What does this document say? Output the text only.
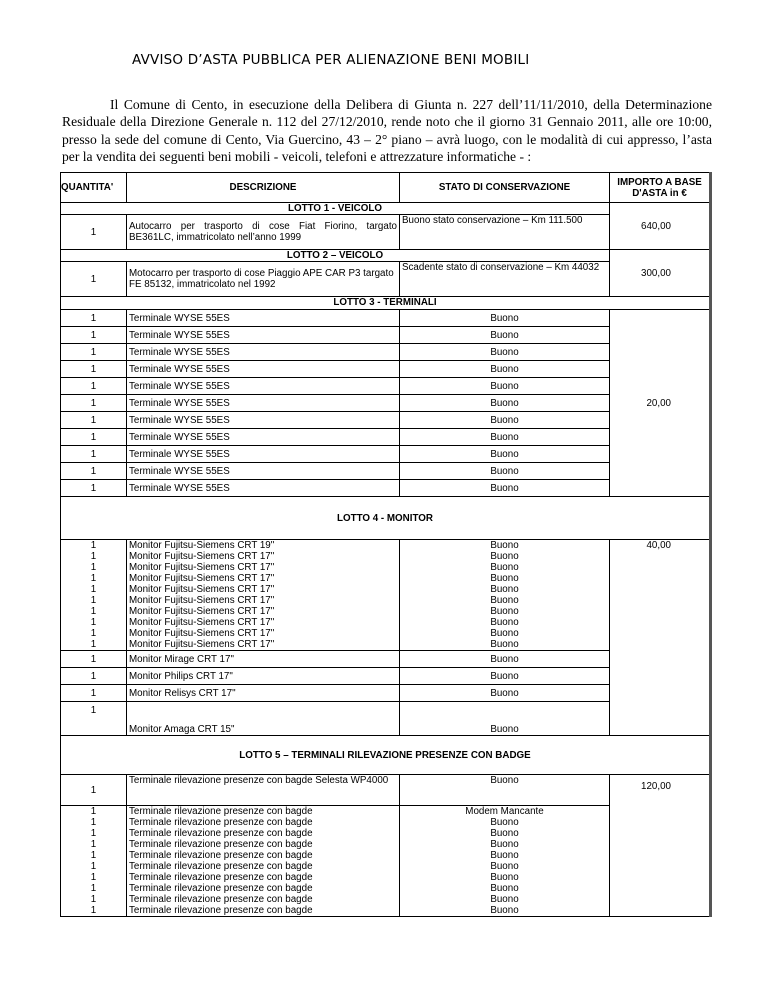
AVVISO D’ASTA PUBBLICA PER ALIENAZIONE BENI MOBILI
Il Comune di Cento, in esecuzione della Delibera di Giunta n. 227 dell’11/11/2010, della Determinazione Residuale della Direzione Generale n. 112 del 27/12/2010, rende noto che il giorno 31 Gennaio 2011, alle ore 10:00, presso la sede del comune di Cento, Via Guercino, 43 – 2° piano – avrà luogo, con le modalità di cui appresso, l’asta per la vendita dei seguenti beni mobili - veicoli, telefoni e attrezzature informatiche - :
QUANTITA'	DESCRIZIONE	STATO DI CONSERVAZIONE	IMPORTO A BASE D'ASTA in €
LOTTO 1 - VEICOLO			640,00
1	Autocarro per trasporto di cose Fiat Fiorino, targato BE361LC, immatricolato nell’anno 1999	Buono stato conservazione – Km 111.500	
LOTTO 2 – VEICOLO			300,00
1	Motocarro per trasporto di cose Piaggio APE CAR P3 targato FE 85132, immatricolato nel 1992	Scadente stato di conservazione – Km 44032	
LOTTO 3 - TERMINALI			
1	Terminale WYSE 55ES	Buono	20,00
1	Terminale WYSE 55ES	Buono	
1	Terminale WYSE 55ES	Buono	
1	Terminale WYSE 55ES	Buono	
1	Terminale WYSE 55ES	Buono	
1	Terminale WYSE 55ES	Buono	
1	Terminale WYSE 55ES	Buono	
1	Terminale WYSE 55ES	Buono	
1	Terminale WYSE 55ES	Buono	
1	Terminale WYSE 55ES	Buono	
1	Terminale WYSE 55ES	Buono	
LOTTO 4 - MONITOR			
1	Monitor Fujitsu-Siemens CRT 19"	Buono	40,00
1	Monitor Fujitsu-Siemens CRT 17"	Buono	
1	Monitor Fujitsu-Siemens CRT 17"	Buono	
1	Monitor Fujitsu-Siemens CRT 17"	Buono	
1	Monitor Fujitsu-Siemens CRT 17"	Buono	
1	Monitor Fujitsu-Siemens CRT 17"	Buono	
1	Monitor Fujitsu-Siemens CRT 17"	Buono	
1	Monitor Fujitsu-Siemens CRT 17"	Buono	
1	Monitor Fujitsu-Siemens CRT 17"	Buono	
1	Monitor Fujitsu-Siemens CRT 17"	Buono	
1	Monitor Mirage CRT 17"	Buono	
1	Monitor Philips CRT 17"	Buono	
1	Monitor Relisys CRT 17"	Buono	
1	Monitor Amaga CRT 15"	Buono	
LOTTO 5 – TERMINALI RILEVAZIONE PRESENZE CON BADGE			
1	Terminale rilevazione presenze con bagde Selesta WP4000	Buono	120,00
1	Terminale rilevazione presenze con bagde	Modem Mancante	
1	Terminale rilevazione presenze con bagde	Buono	
1	Terminale rilevazione presenze con bagde	Buono	
1	Terminale rilevazione presenze con bagde	Buono	
1	Terminale rilevazione presenze con bagde	Buono	
1	Terminale rilevazione presenze con bagde	Buono	
1	Terminale rilevazione presenze con bagde	Buono	
1	Terminale rilevazione presenze con bagde	Buono	
1	Terminale rilevazione presenze con bagde	Buono	
1	Terminale rilevazione presenze con bagde	Buono	
